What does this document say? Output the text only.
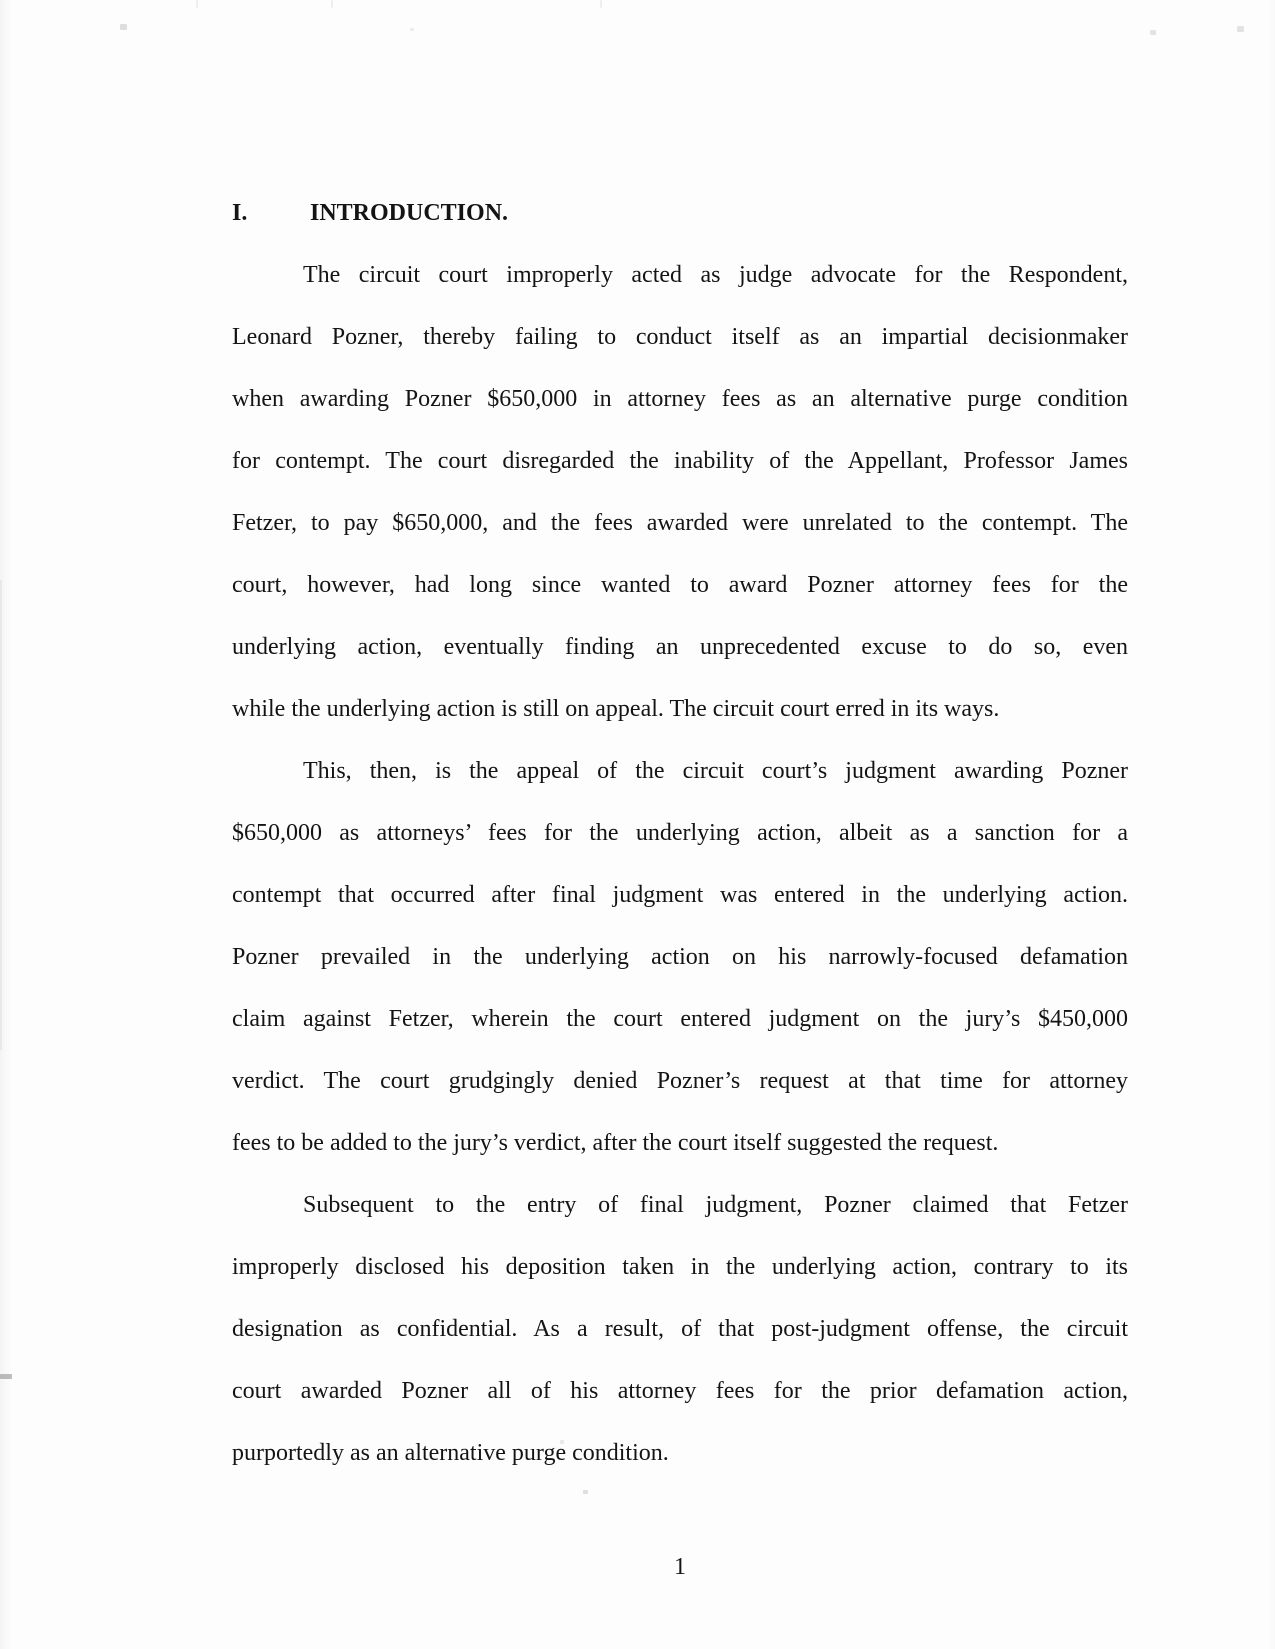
I.	INTRODUCTION.
The circuit court improperly acted as judge advocate for the Respondent,
Leonard Pozner, thereby failing to conduct itself as an impartial decisionmaker
when awarding Pozner $650,000 in attorney fees as an alternative purge condition
for contempt. The court disregarded the inability of the Appellant, Professor James
Fetzer, to pay $650,000, and the fees awarded were unrelated to the contempt. The
court, however, had long since wanted to award Pozner attorney fees for the
underlying action, eventually finding an unprecedented excuse to do so, even
while the underlying action is still on appeal. The circuit court erred in its ways.
This, then, is the appeal of the circuit court’s judgment awarding Pozner
$650,000 as attorneys’ fees for the underlying action, albeit as a sanction for a
contempt that occurred after final judgment was entered in the underlying action.
Pozner prevailed in the underlying action on his narrowly-focused defamation
claim against Fetzer, wherein the court entered judgment on the jury’s $450,000
verdict. The court grudgingly denied Pozner’s request at that time for attorney
fees to be added to the jury’s verdict, after the court itself suggested the request.
Subsequent to the entry of final judgment, Pozner claimed that Fetzer
improperly disclosed his deposition taken in the underlying action, contrary to its
designation as confidential. As a result, of that post-judgment offense, the circuit
court awarded Pozner all of his attorney fees for the prior defamation action,
purportedly as an alternative purge condition.
1
